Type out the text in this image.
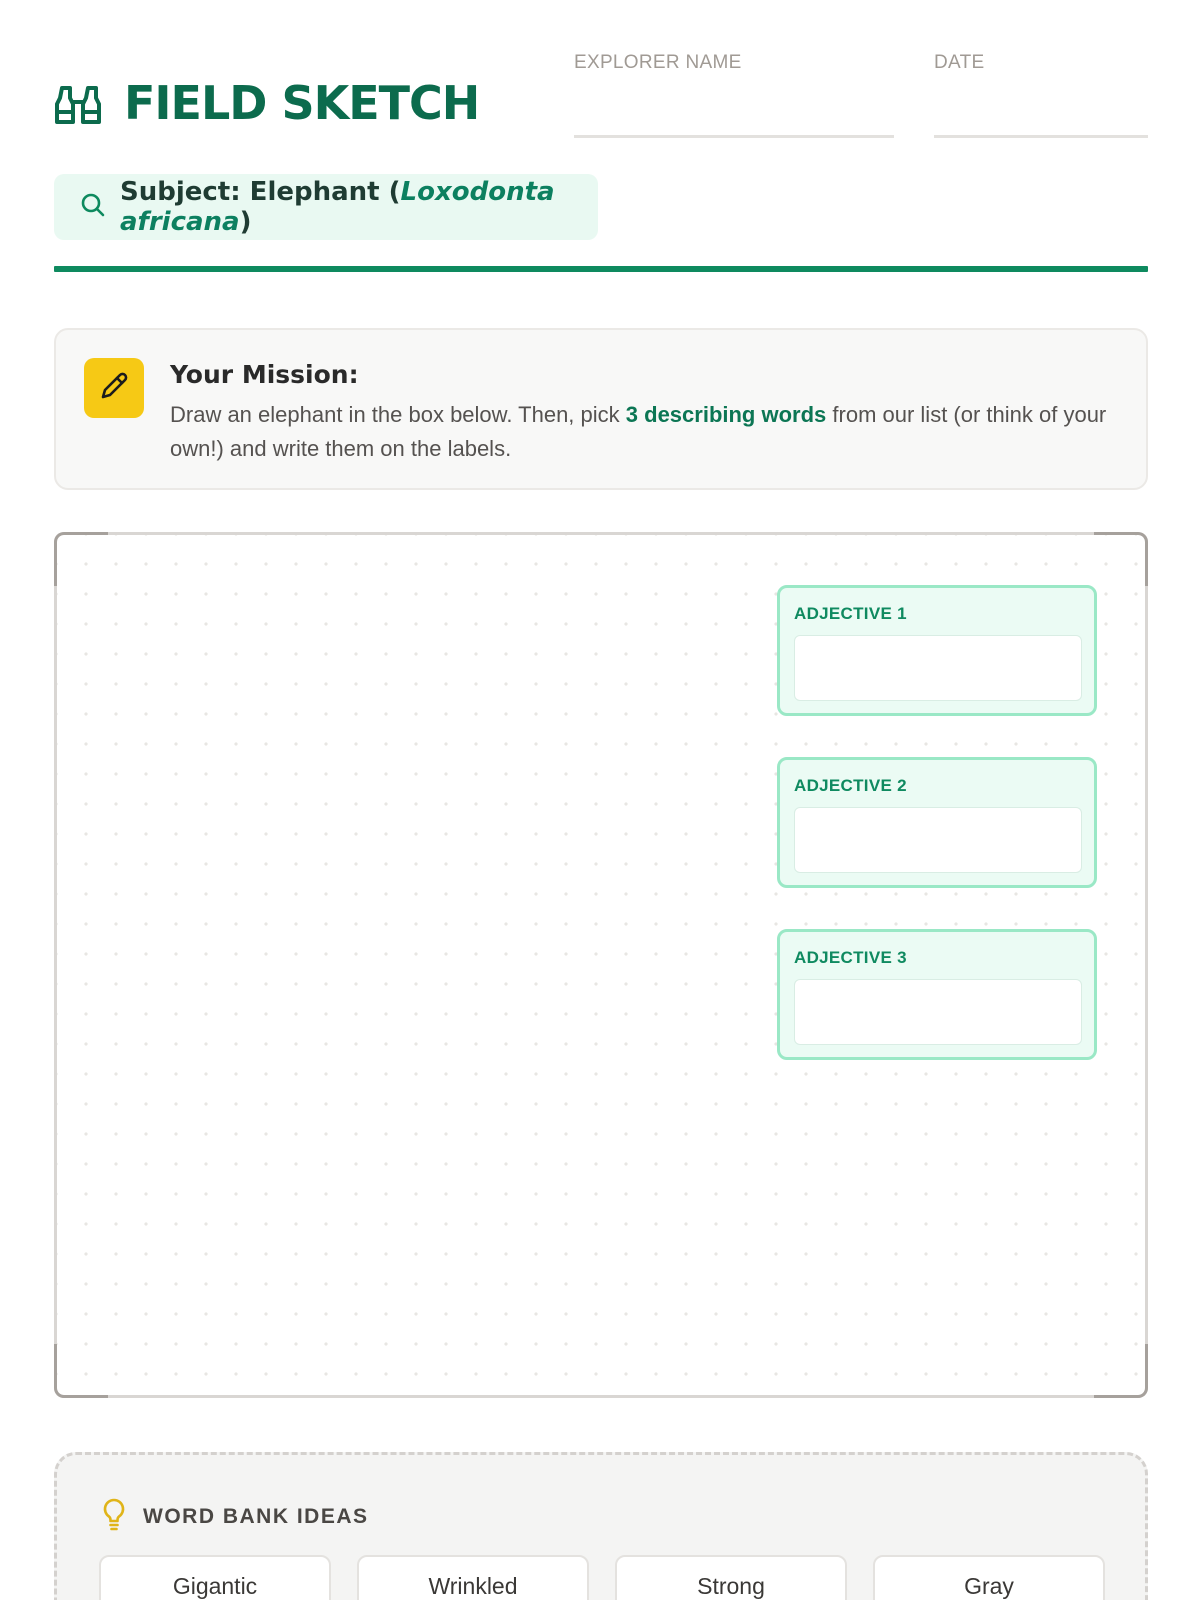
FIELD SKETCH
EXPLORER NAME	DATE
Subject: Elephant (Loxodonta africana)
Your Mission:
Draw an elephant in the box below. Then, pick 3 describing words from our list (or think of your own!) and write them on the labels.
ADJECTIVE 1
ADJECTIVE 2
ADJECTIVE 3
WORD BANK IDEAS
Gigantic	Wrinkled	Strong	Gray
